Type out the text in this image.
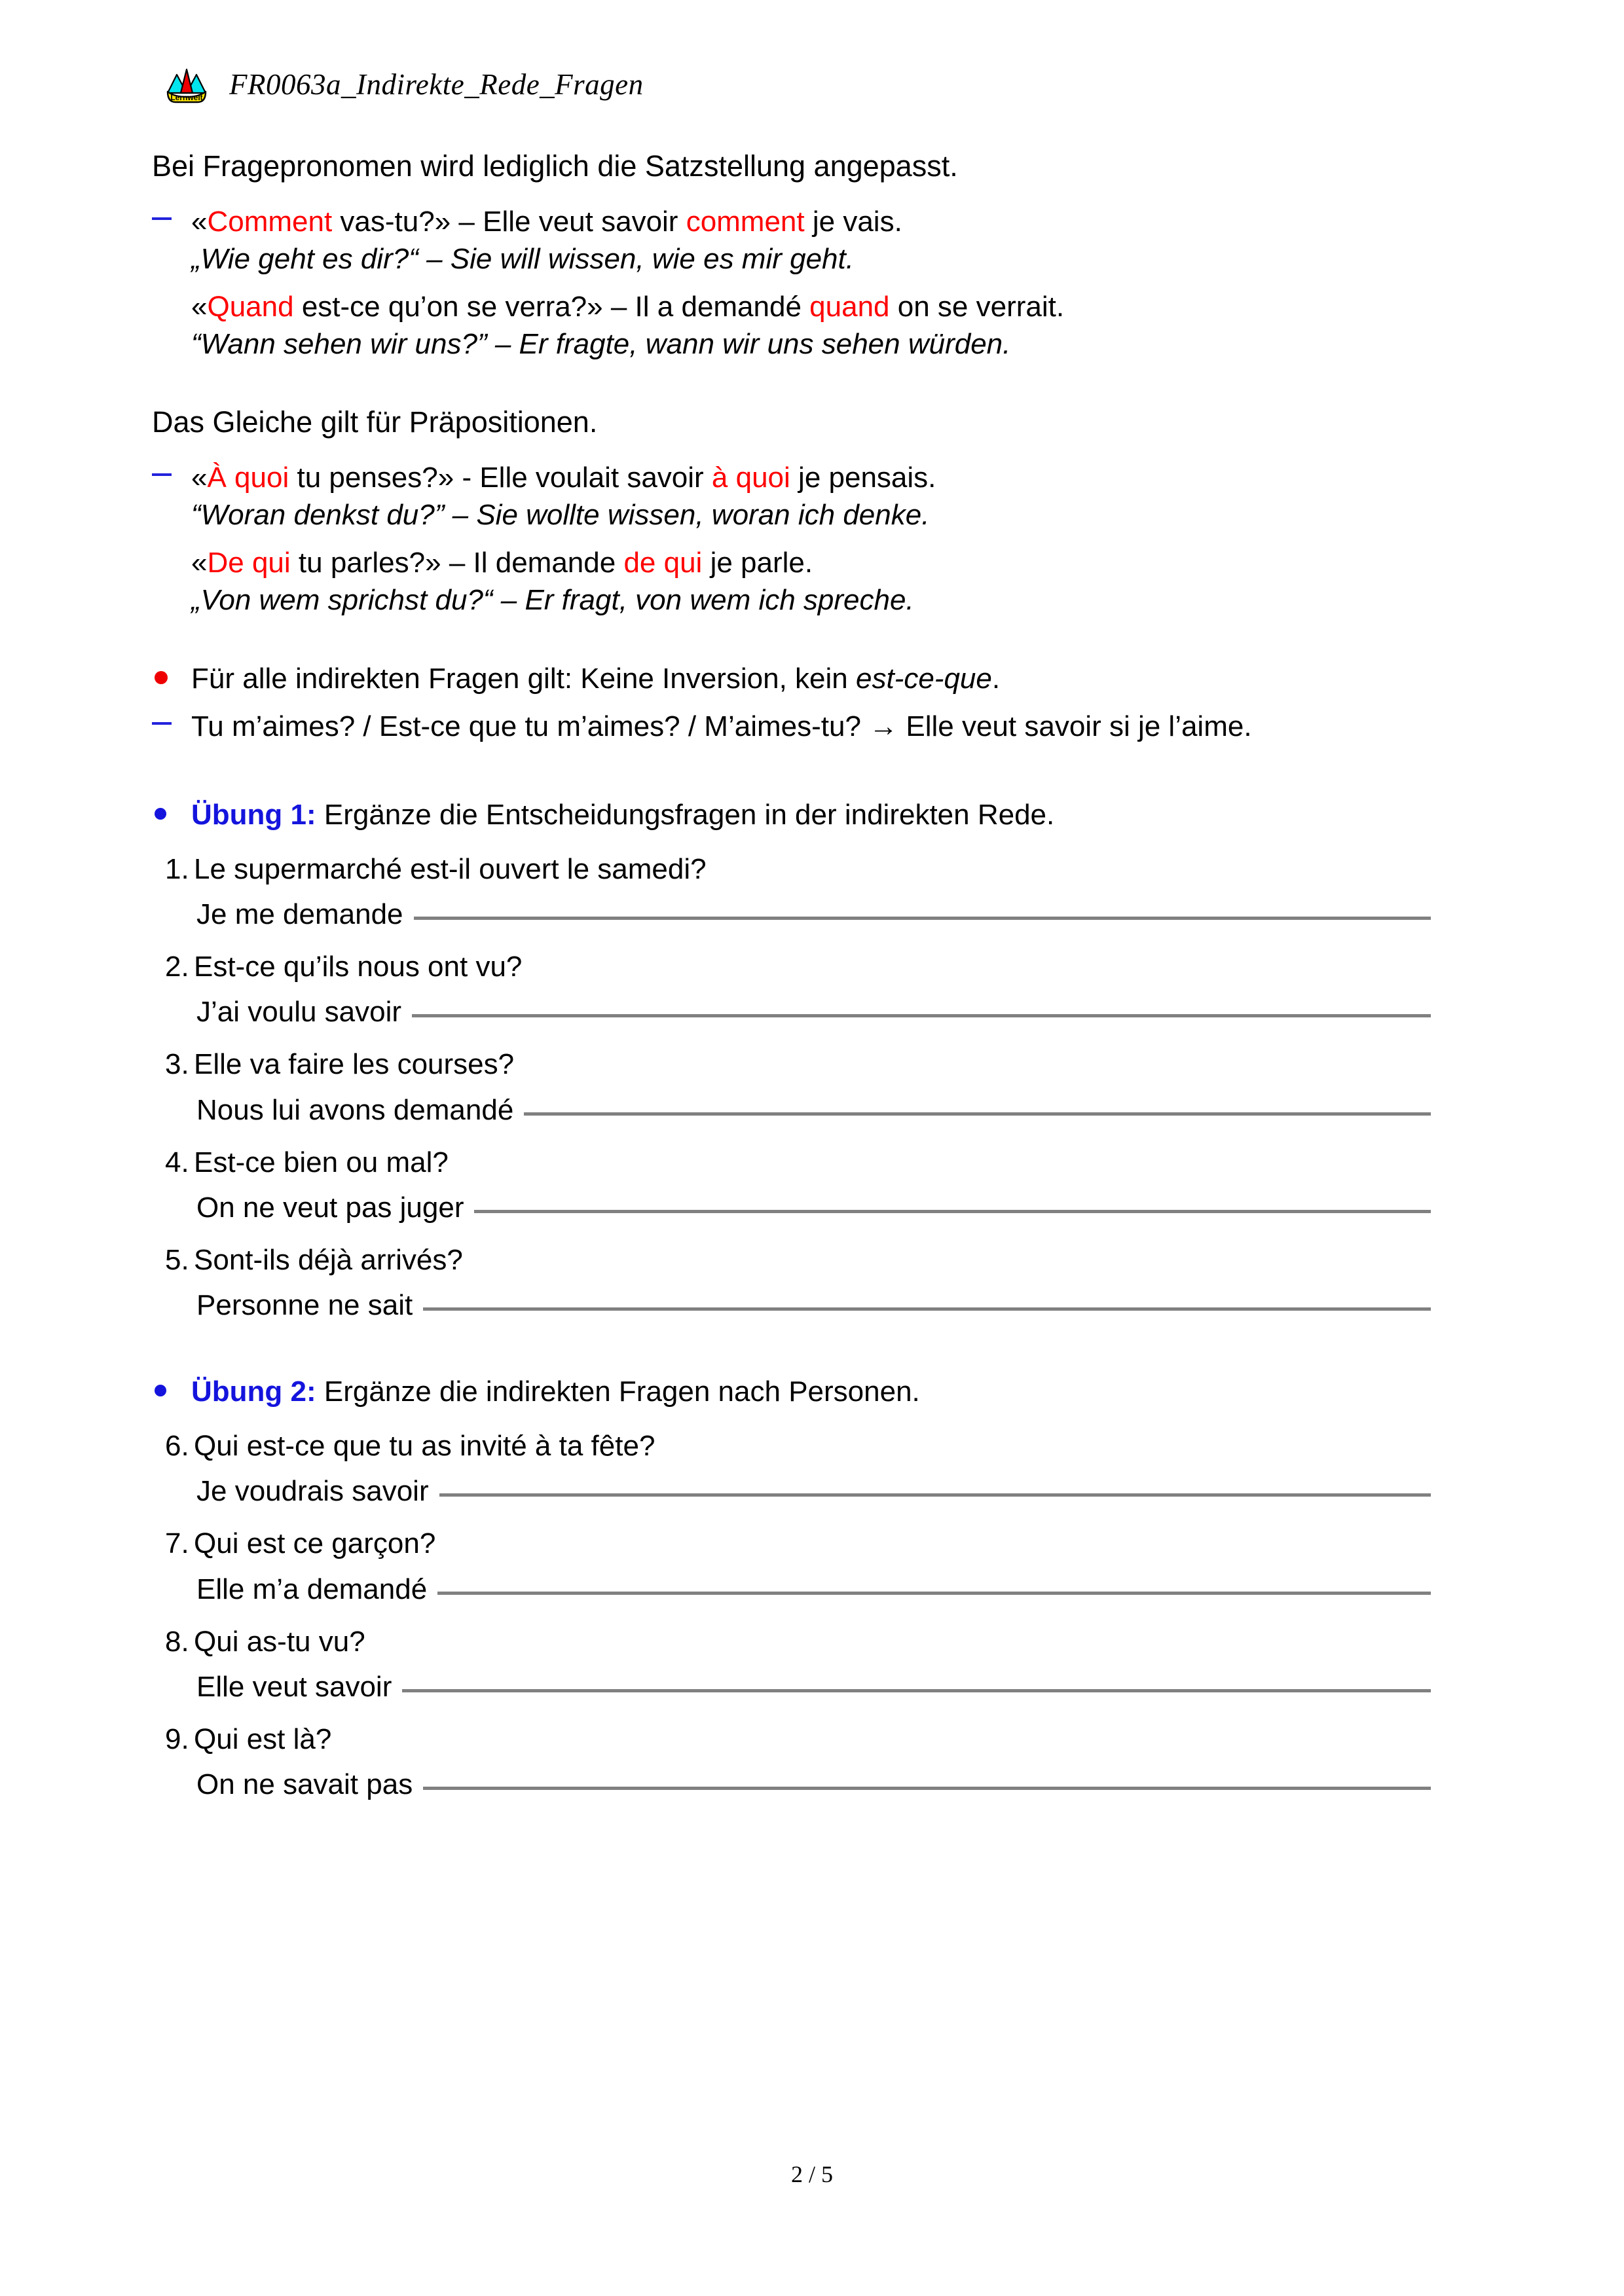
Lernwelt FR0063a_Indirekte_Rede_Fragen
Bei Fragepronomen wird lediglich die Satzstellung angepasst.
«Comment vas-tu?» – Elle veut savoir comment je vais.
„Wie geht es dir?“ – Sie will wissen, wie es mir geht.
«Quand est-ce qu’on se verra?» – Il a demandé quand on se verrait.
“Wann sehen wir uns?” – Er fragte, wann wir uns sehen würden.
Das Gleiche gilt für Präpositionen.
«À quoi tu penses?» - Elle voulait savoir à quoi je pensais.
“Woran denkst du?” – Sie wollte wissen, woran ich denke.
«De qui tu parles?» – Il demande de qui je parle.
„Von wem sprichst du?“ – Er fragt, von wem ich spreche.
Für alle indirekten Fragen gilt: Keine Inversion, kein est-ce-que.
Tu m’aimes? / Est-ce que tu m’aimes? / M’aimes-tu? → Elle veut savoir si je l’aime.
Übung 1: Ergänze die Entscheidungsfragen in der indirekten Rede.
1. Le supermarché est-il ouvert le samedi?
Je me demande
2. Est-ce qu’ils nous ont vu?
J’ai voulu savoir
3. Elle va faire les courses?
Nous lui avons demandé
4. Est-ce bien ou mal?
On ne veut pas juger
5. Sont-ils déjà arrivés?
Personne ne sait
Übung 2: Ergänze die indirekten Fragen nach Personen.
6. Qui est-ce que tu as invité à ta fête?
Je voudrais savoir
7. Qui est ce garçon?
Elle m’a demandé
8. Qui as-tu vu?
Elle veut savoir
9. Qui est là?
On ne savait pas
2 / 5
